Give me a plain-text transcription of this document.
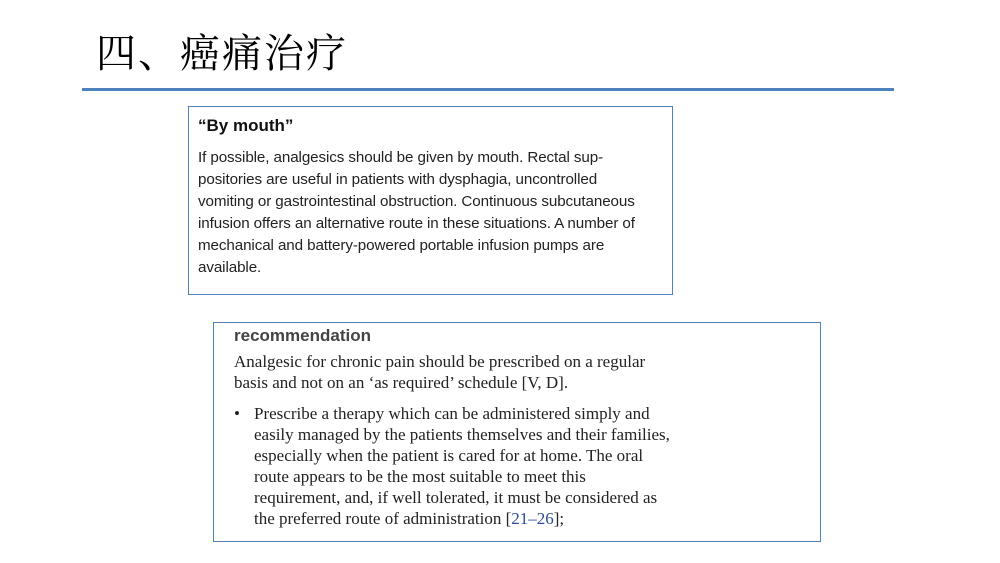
四、癌痛治疗
“By mouth”

If possible, analgesics should be given by mouth. Rectal sup-
positories are useful in patients with dysphagia, uncontrolled
vomiting or gastrointestinal obstruction. Continuous subcutaneous
infusion offers an alternative route in these situations. A number of
mechanical and battery-powered portable infusion pumps are
available.

recommendation

Analgesic for chronic pain should be prescribed on a regular
basis and not on an ‘as required’ schedule [V, D].

• Prescribe a therapy which can be administered simply and
easily managed by the patients themselves and their families,
especially when the patient is cared for at home. The oral
route appears to be the most suitable to meet this
requirement, and, if well tolerated, it must be considered as
the preferred route of administration [21–26];
